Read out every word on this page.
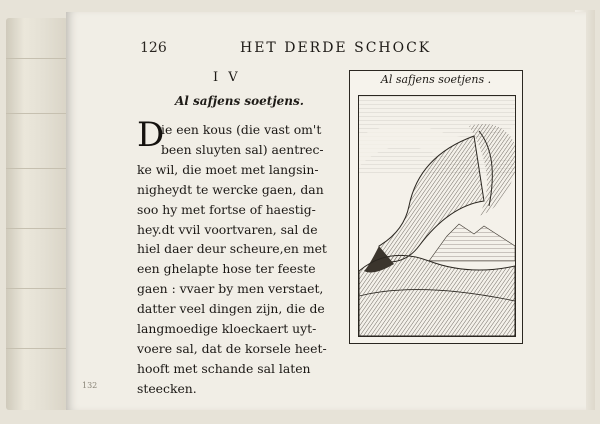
126	HET DERDE SCHOCK
I V
Al safjens soetjens.
D
ie een kous (die vast om't
been sluyten sal) aentrec-
ke wil, die moet met langsin-
nigheydt te wercke gaen, dan
soo hy met fortse of haestig-
hey.dt vvil voortvaren, sal de
hiel daer deur scheure,en met
een ghelapte hose ter feeste
gaen : vvaer by men verstaet,
datter veel dingen zijn, die de
langmoedige kloeckaert uyt-
voere sal, dat de korsele heet-
hooft met schande sal laten
steecken.
Al safjens soetjens .
132
